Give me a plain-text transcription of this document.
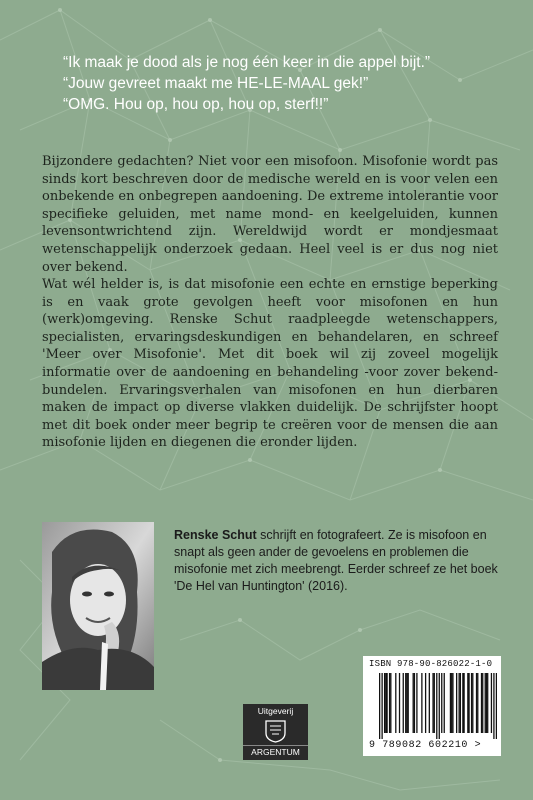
“Ik maak je dood als je nog één keer in die appel bijt.”
“Jouw gevreet maakt me HE-LE-MAAL gek!”
“OMG. Hou op, hou op, hou op, sterf!!”

Bijzondere gedachten? Niet voor een misofoon. Misofonie wordt pas sinds kort beschreven door de medische wereld en is voor velen een onbekende en onbegrepen aandoening. De extreme intolerantie voor specifieke geluiden, met name mond- en keelgeluiden, kunnen levensontwrichtend zijn. Wereldwijd wordt er mondjesmaat wetenschappelijk onderzoek gedaan. Heel veel is er dus nog niet over bekend.

Wat wél helder is, is dat misofonie een echte en ernstige beperking is en vaak grote gevolgen heeft voor misofonen en hun (werk)omgeving. Renske Schut raadpleegde wetenschappers, specialisten, ervaringsdeskundigen en behandelaren, en schreef 'Meer over Misofonie'. Met dit boek wil zij zoveel mogelijk informatie over de aandoening en behandeling -voor zover bekend- bundelen. Ervaringsverhalen van misofonen en hun dierbaren maken de impact op diverse vlakken duidelijk. De schrijfster hoopt met dit boek onder meer begrip te creëren voor de mensen die aan misofonie lijden en diegenen die eronder lijden.

Renske Schut schrijft en fotografeert. Ze is misofoon en snapt als geen ander de gevoelens en problemen die misofonie met zich meebrengt. Eerder schreef ze het boek 'De Hel van Huntington' (2016).
Uitgeverij
ARGENTUM
ISBN 978-90-826022-1-0
9 789082 602210 >
